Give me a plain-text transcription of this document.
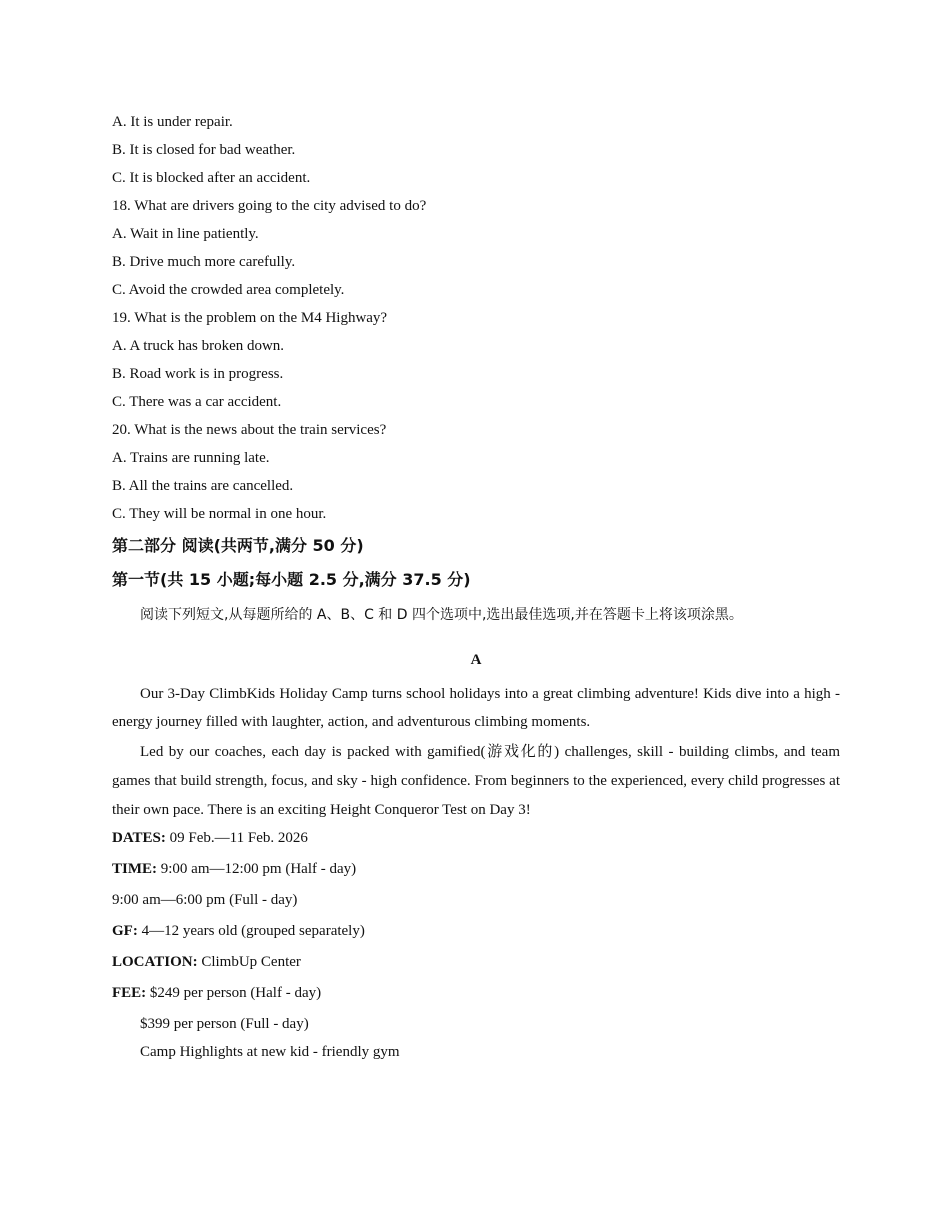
A. It is under repair.
B. It is closed for bad weather.
C. It is blocked after an accident.
18. What are drivers going to the city advised to do?
A. Wait in line patiently.
B. Drive much more carefully.
C. Avoid the crowded area completely.
19. What is the problem on the M4 Highway?
A. A truck has broken down.
B. Road work is in progress.
C. There was a car accident.
20. What is the news about the train services?
A. Trains are running late.
B. All the trains are cancelled.
C. They will be normal in one hour.
第二部分 阅读(共两节,满分 50 分)
第一节(共 15 小题;每小题 2.5 分,满分 37.5 分)
阅读下列短文,从每题所给的 A、B、C 和 D 四个选项中,选出最佳选项,并在答题卡上将该项涂黑。
A
Our 3-Day ClimbKids Holiday Camp turns school holidays into a great climbing adventure! Kids dive into a high - energy journey filled with laughter, action, and adventurous climbing moments.
Led by our coaches, each day is packed with gamified(游戏化的) challenges, skill - building climbs, and team games that build strength, focus, and sky - high confidence. From beginners to the experienced, every child progresses at their own pace. There is an exciting Height Conqueror Test on Day 3!
DATES: 09 Feb.—11 Feb. 2026
TIME: 9:00 am—12:00 pm (Half - day)
9:00 am—6:00 pm (Full - day)
GF: 4—12 years old (grouped separately)
LOCATION: ClimbUp Center
FEE: $249 per person (Half - day)
$399 per person (Full - day)
Camp Highlights at new kid - friendly gym
